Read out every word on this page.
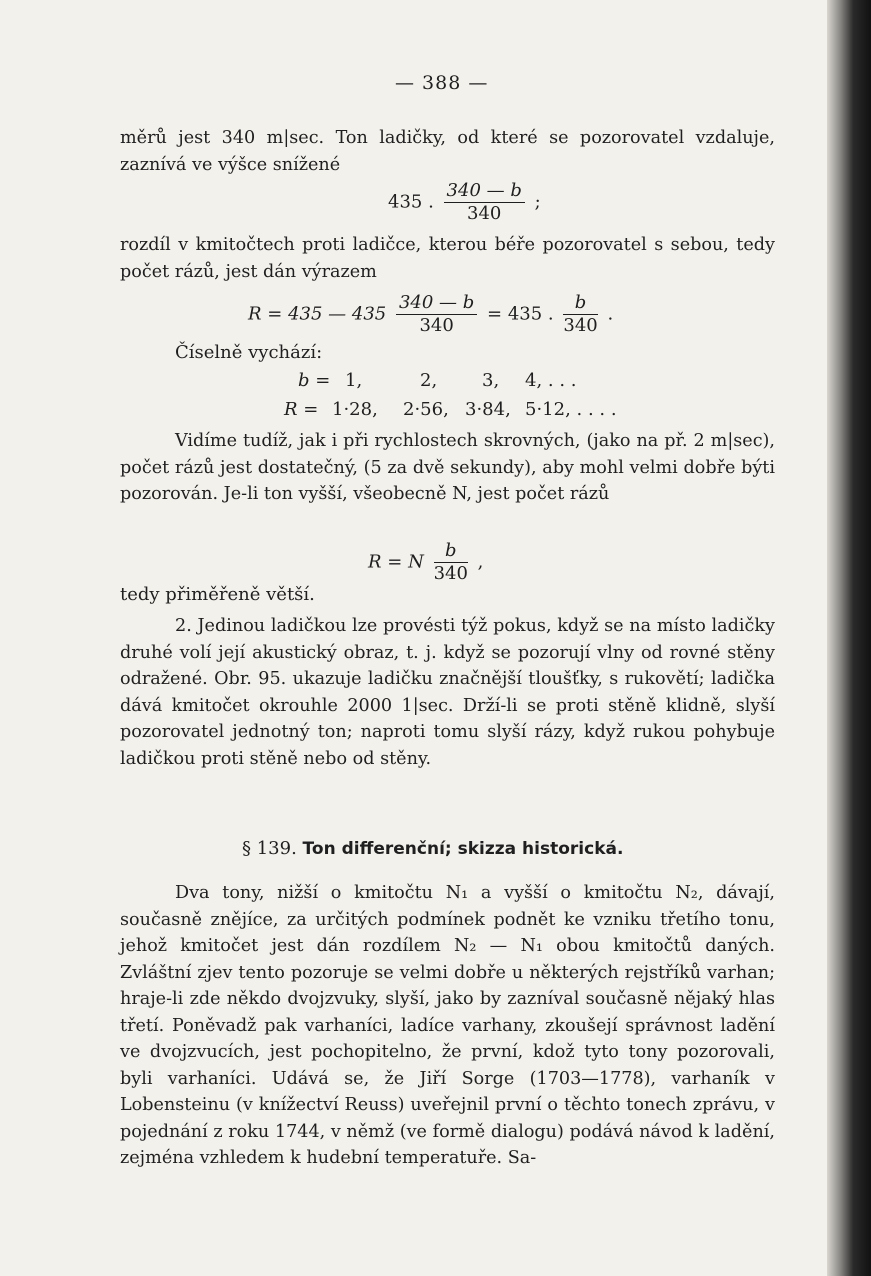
— 388 —
měrů jest 340 m|sec. Ton ladičky, od které se pozorovatel vzdaluje, zaznívá ve výšce snížené
435 . $\frac{340 — b}{340}$ ;
rozdíl v kmitočtech proti ladičce, kterou béře pozorovatel s sebou, tedy počet rázů, jest dán výrazem
R = 435 — $435 \frac{340 — b}{340} = 435$ . $\frac{b}{340}$ .
Číselně vychází:
b = 1,	2, 3, 4, . . .
R = 1·28, 2·56, 3·84, 5·12, . . . .
Vidíme tudíž, jak i při rychlostech skrovných, (jako na př. 2 m|sec), počet rázů jest dostatečný, (5 za dvě sekundy), aby mohl velmi dobře býti pozorován. Je-li ton vyšší, všeobecně N, jest počet rázů
R = N $\frac{b}{340}$ ,
tedy přiměřeně větší.
2. Jedinou ladičkou lze provésti týž pokus, když se na místo ladičky druhé volí její akustický obraz, t. j. když se pozorují vlny od rovné stěny odražené. Obr. 95. ukazuje ladičku značnější tloušťky, s rukovětí; ladička dává kmitočet okrouhle 2000 1|sec. Drží-li se proti stěně klidně, slyší pozorovatel jednotný ton; naproti tomu slyší rázy, když rukou pohybuje ladičkou proti stěně nebo od stěny.
§ 139. Ton differenční; skizza historická.
Dva tony, nižší o kmitočtu N₁ a vyšší o kmitočtu N₂, dávají, současně znějíce, za určitých podmínek podnět ke vzniku třetího tonu, jehož kmitočet jest dán rozdílem N₂ — N₁ obou kmitočtů daných. Zvláštní zjev tento pozoruje se velmi dobře u některých rejstříků varhan; hraje-li zde někdo dvojzvuky, slyší, jako by zazníval současně nějaký hlas třetí. Poněvadž pak varhaníci, ladíce varhany, zkoušejí správnost ladění ve dvojzvucích, jest pochopitelno, že první, kdož tyto tony pozorovali, byli varhaníci. Udává se, že Jiří Sorge (1703—1778), varhaník v Lobensteinu (v knížectví Reuss) uveřejnil první o těchto tonech zprávu, v pojednání z roku 1744, v němž (ve formě dialogu) podává návod k ladění, zejména vzhledem k hudební temperatuře. Sa-
